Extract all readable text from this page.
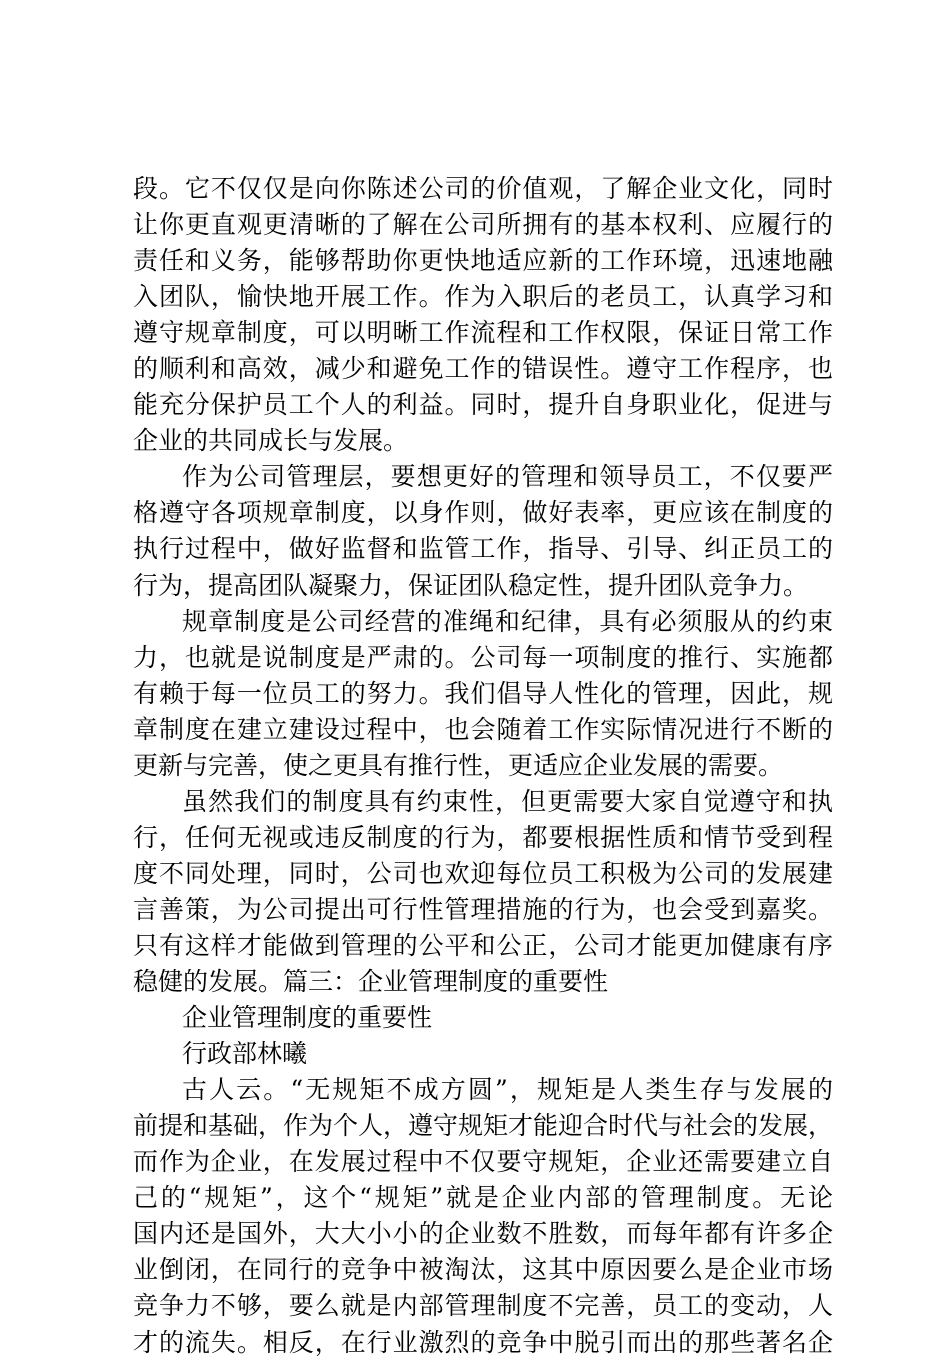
段。它不仅仅是向你陈述公司的价值观，了解企业文化，同时
让你更直观更清晰的了解在公司所拥有的基本权利、应履行的
责任和义务，能够帮助你更快地适应新的工作环境，迅速地融
入团队，愉快地开展工作。作为入职后的老员工，认真学习和
遵守规章制度，可以明晰工作流程和工作权限，保证日常工作
的顺利和高效，减少和避免工作的错误性。遵守工作程序，也
能充分保护员工个人的利益。同时，提升自身职业化，促进与
企业的共同成长与发展。
作为公司管理层，要想更好的管理和领导员工，不仅要严
格遵守各项规章制度，以身作则，做好表率，更应该在制度的
执行过程中，做好监督和监管工作，指导、引导、纠正员工的
行为，提高团队凝聚力，保证团队稳定性，提升团队竞争力。
规章制度是公司经营的准绳和纪律，具有必须服从的约束
力，也就是说制度是严肃的。公司每一项制度的推行、实施都
有赖于每一位员工的努力。我们倡导人性化的管理，因此，规
章制度在建立建设过程中，也会随着工作实际情况进行不断的
更新与完善，使之更具有推行性，更适应企业发展的需要。
虽然我们的制度具有约束性，但更需要大家自觉遵守和执
行，任何无视或违反制度的行为，都要根据性质和情节受到程
度不同处理，同时，公司也欢迎每位员工积极为公司的发展建
言善策，为公司提出可行性管理措施的行为，也会受到嘉奖。
只有这样才能做到管理的公平和公正，公司才能更加健康有序
稳健的发展。篇三：企业管理制度的重要性
企业管理制度的重要性
行政部林曦
古人云。“无规矩不成方圆”，规矩是人类生存与发展的
前提和基础，作为个人，遵守规矩才能迎合时代与社会的发展，
而作为企业，在发展过程中不仅要守规矩，企业还需要建立自
己的“规矩”，这个“规矩”就是企业内部的管理制度。无论
国内还是国外，大大小小的企业数不胜数，而每年都有许多企
业倒闭，在同行的竞争中被淘汰，这其中原因要么是企业市场
竞争力不够，要么就是内部管理制度不完善，员工的变动，人
才的流失。相反，在行业激烈的竞争中脱引而出的那些著名企
